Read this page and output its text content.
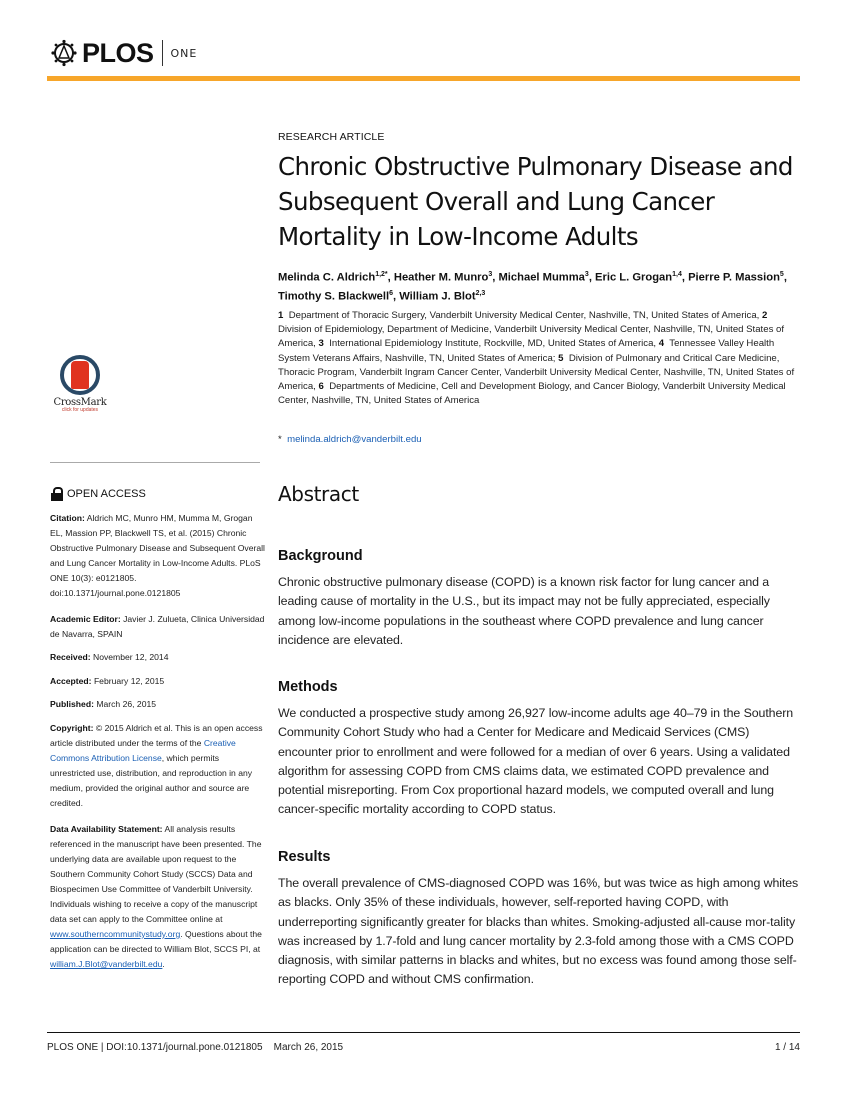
PLOS ONE
CrossMark
click for updates
OPEN ACCESS
Citation: Aldrich MC, Munro HM, Mumma M, Grogan EL, Massion PP, Blackwell TS, et al. (2015) Chronic Obstructive Pulmonary Disease and Subsequent Overall and Lung Cancer Mortality in Low-Income Adults. PLoS ONE 10(3): e0121805. doi:10.1371/journal.pone.0121805
Academic Editor: Javier J. Zulueta, Clinica Universidad de Navarra, SPAIN
Received: November 12, 2014
Accepted: February 12, 2015
Published: March 26, 2015
Copyright: © 2015 Aldrich et al. This is an open access article distributed under the terms of the Creative Commons Attribution License, which permits unrestricted use, distribution, and reproduction in any medium, provided the original author and source are credited.
Data Availability Statement: All analysis results referenced in the manuscript have been presented. The underlying data are available upon request to the Southern Community Cohort Study (SCCS) Data and Biospecimen Use Committee of Vanderbilt University. Individuals wishing to receive a copy of the manuscript data set can apply to the Committee online at www.southerncommunitystudy.org. Questions about the application can be directed to William Blot, SCCS PI, at william.J.Blot@vanderbilt.edu.
RESEARCH ARTICLE
Chronic Obstructive Pulmonary Disease and Subsequent Overall and Lung Cancer Mortality in Low-Income Adults
Melinda C. Aldrich$^{1,2*}$, Heather M. Munro$^3$, Michael Mumma$^3$, Eric L. Grogan$^{1,4}$, Pierre P. Massion$^5$, Timothy S. Blackwell$^6$, William J. Blot$^{2,3}$
1 Department of Thoracic Surgery, Vanderbilt University Medical Center, Nashville, TN, United States of America, 2  Division of Epidemiology, Department of Medicine, Vanderbilt University Medical Center, Nashville, TN, United States of America, 3 International Epidemiology Institute, Rockville, MD, United States of America, 4 Tennessee Valley Health System Veterans Affairs, Nashville, TN, United States of America; 5 Division of Pulmonary and Critical Care Medicine, Thoracic Program, Vanderbilt Ingram Cancer Center, Vanderbilt University Medical Center, Nashville, TN, United States of America, 6 Departments of Medicine, Cell and Development Biology, and Cancer Biology, Vanderbilt University Medical Center, Nashville, TN, United States of America
* melinda.aldrich@vanderbilt.edu
Abstract
Background

Chronic obstructive pulmonary disease (COPD) is a known risk factor for lung cancer and a leading cause of mortality in the U.S., but its impact may not be fully appreciated, especially among low-income populations in the southeast where COPD prevalence and lung cancer incidence are elevated.

Methods

We conducted a prospective study among 26,927 low-income adults age 40–79 in the Southern Community Cohort Study who had a Center for Medicare and Medicaid Services (CMS) encounter prior to enrollment and were followed for a median of over 6 years. Using a validated algorithm for assessing COPD from CMS claims data, we estimated COPD prevalence and potential misreporting. From Cox proportional hazard models, we computed overall and lung cancer-specific mortality according to COPD status.

Results

The overall prevalence of CMS-diagnosed COPD was 16%, but was twice as high among whites as blacks. Only 35% of these individuals, however, self-reported having COPD, with underreporting significantly greater for blacks than whites. Smoking-adjusted all-cause mor-tality was increased by 1.7-fold and lung cancer mortality by 2.3-fold among those with a CMS COPD diagnosis, with similar patterns in blacks and whites, but no excess was found among those self-reporting COPD and without CMS confirmation.

PLOS ONE | DOI:10.1371/journal.pone.0121805    March 26, 2015	1 / 14
